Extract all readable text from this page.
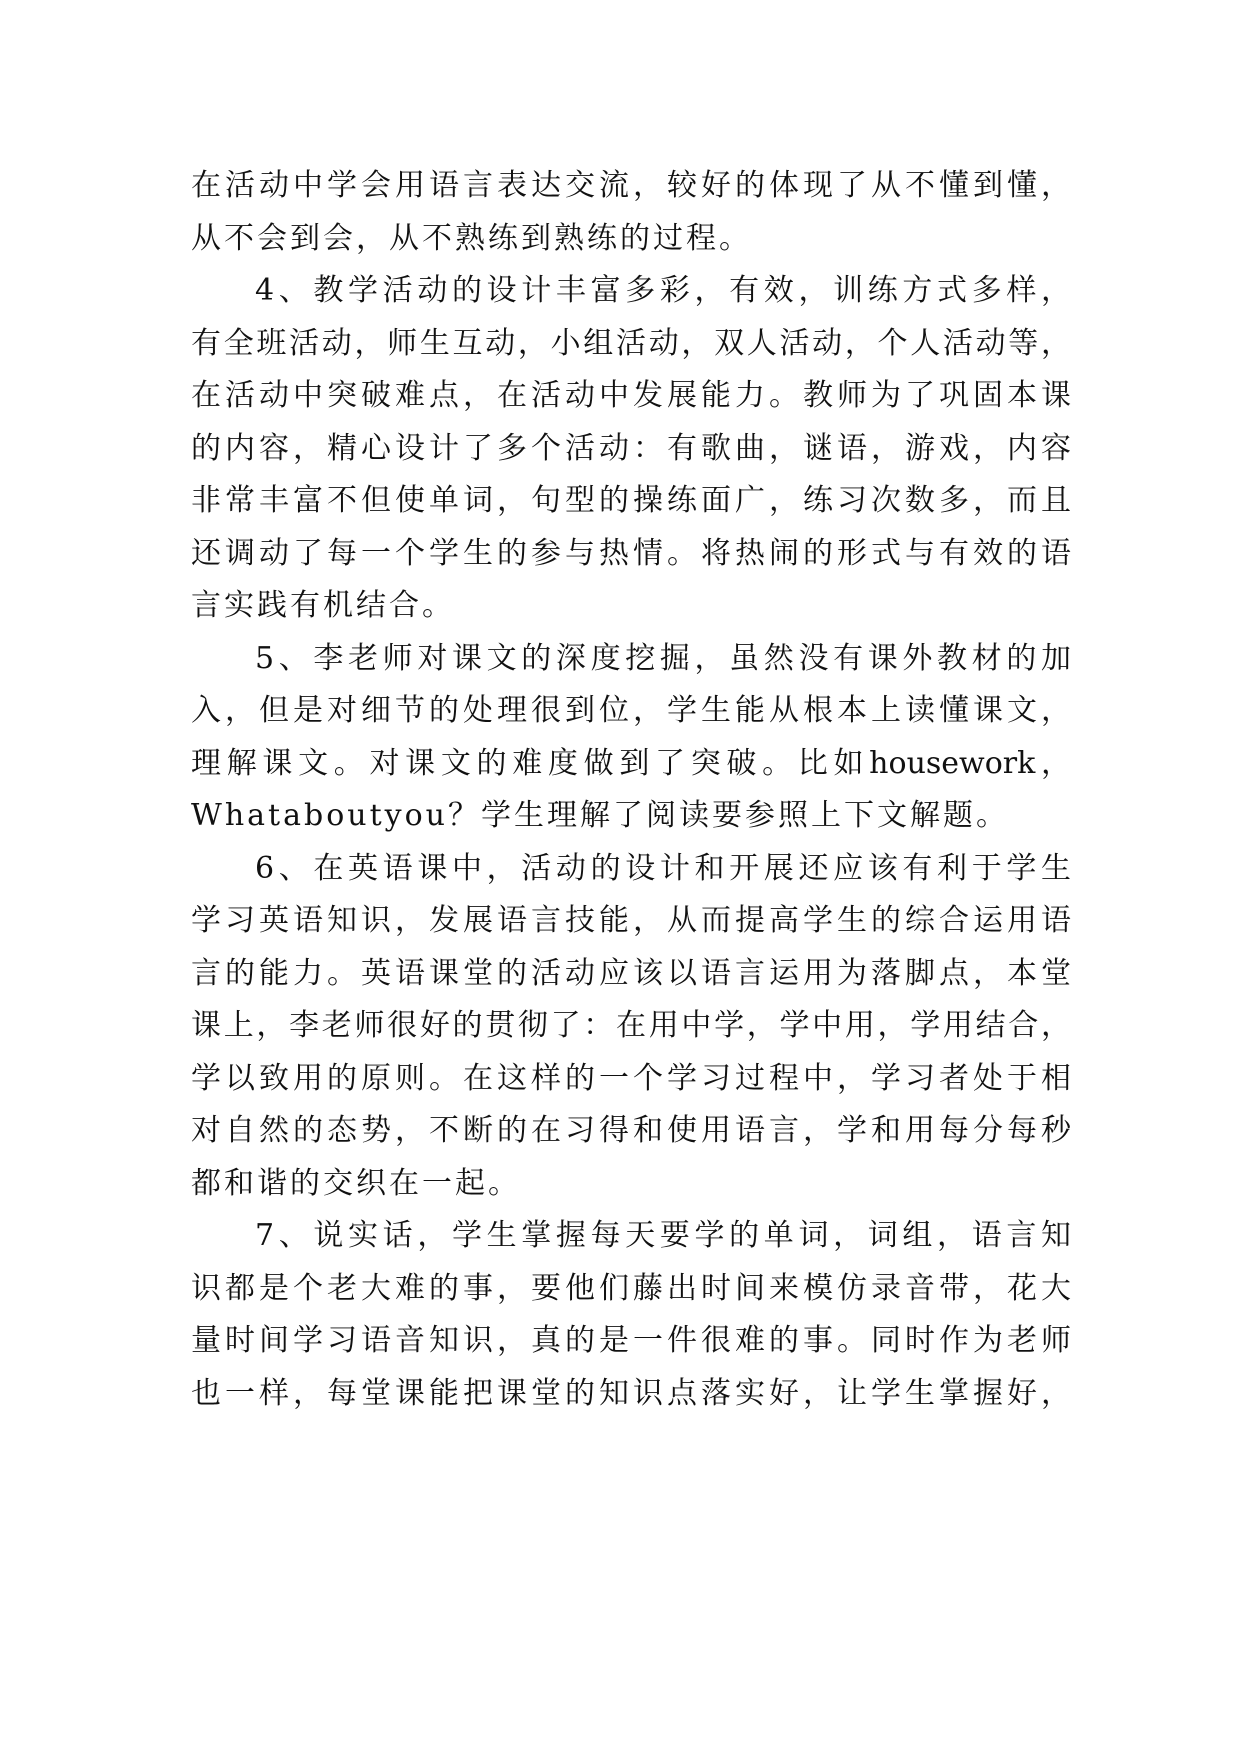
在活动中学会用语言表达交流，较好的体现了从不懂到懂，
从不会到会，从不熟练到熟练的过程。
4、教学活动的设计丰富多彩，有效，训练方式多样，
有全班活动，师生互动，小组活动，双人活动，个人活动等，
在活动中突破难点，在活动中发展能力。教师为了巩固本课
的内容，精心设计了多个活动：有歌曲，谜语，游戏，内容
非常丰富不但使单词，句型的操练面广，练习次数多，而且
还调动了每一个学生的参与热情。将热闹的形式与有效的语
言实践有机结合。
5、李老师对课文的深度挖掘，虽然没有课外教材的加
入，但是对细节的处理很到位，学生能从根本上读懂课文，
理解课文。对课文的难度做到了突破。比如housework，
Whataboutyou？学生理解了阅读要参照上下文解题。
6、在英语课中，活动的设计和开展还应该有利于学生
学习英语知识，发展语言技能，从而提高学生的综合运用语
言的能力。英语课堂的活动应该以语言运用为落脚点，本堂
课上，李老师很好的贯彻了：在用中学，学中用，学用结合，
学以致用的原则。在这样的一个学习过程中，学习者处于相
对自然的态势，不断的在习得和使用语言，学和用每分每秒
都和谐的交织在一起。
7、说实话，学生掌握每天要学的单词，词组，语言知
识都是个老大难的事，要他们藤出时间来模仿录音带，花大
量时间学习语音知识，真的是一件很难的事。同时作为老师
也一样，每堂课能把课堂的知识点落实好，让学生掌握好，
